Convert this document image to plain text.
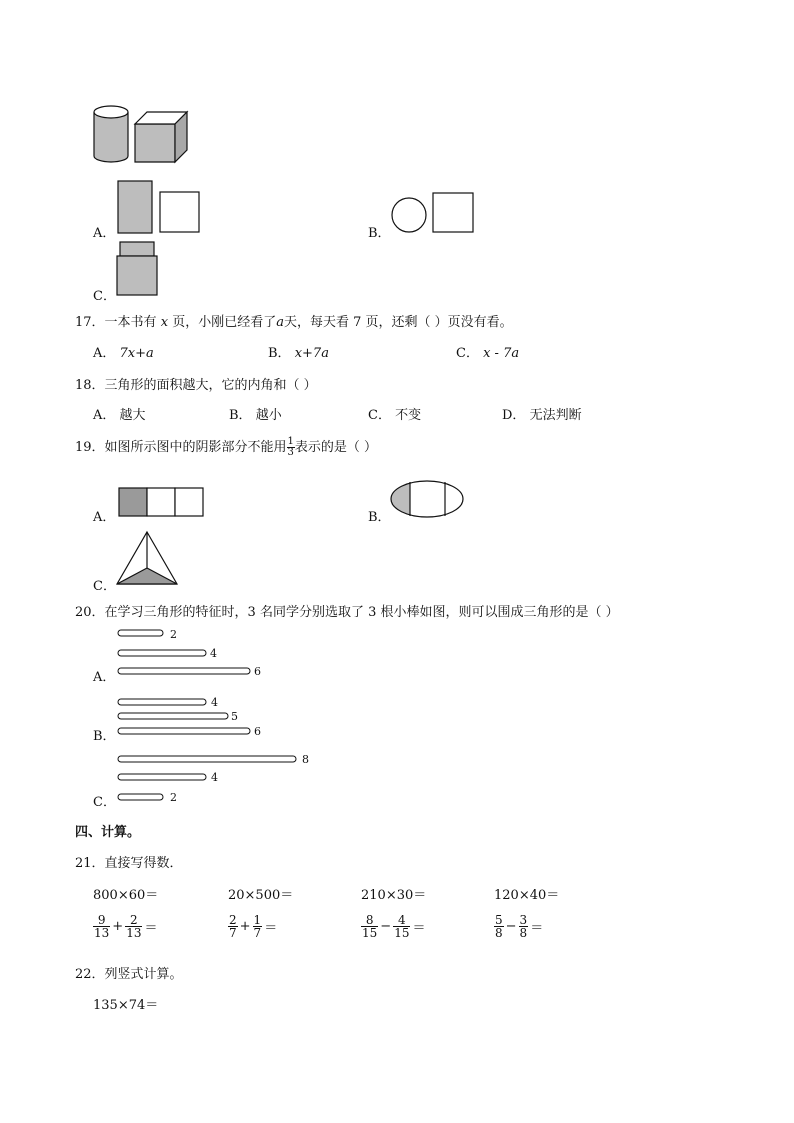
A．	B．
C．
17．一本书有 x 页，小刚已经看了a天，每天看 7 页，还剩（ ）页没有看。
A． 7x+a	B． x+7a	C． x - 7a
18．三角形的面积越大，它的内角和（ ）
A． 越大	B． 越小	C． 不变	D． 无法判断
19．如图所示图中的阴影部分不能用 $\frac{1}{3}$ 表示的是（ ）
A．	B．
C．
20．在学习三角形的特征时，3 名同学分别选取了 3 根小棒如图，则可以围成三角形的是（ ）
A．
2
4
6
B．
4
5
6
C．
8
4
2
四、计算。
21．直接写得数．
800×60＝	20×500＝	210×30＝	120×40＝
$\frac{9}{13} + \frac{2}{13}$ ＝	$\frac{2}{7} + \frac{1}{7}$ ＝	$\frac{8}{15} - \frac{4}{15}$ ＝	$\frac{5}{8} - \frac{3}{8}$ ＝
22．列竖式计算。
135×74＝
